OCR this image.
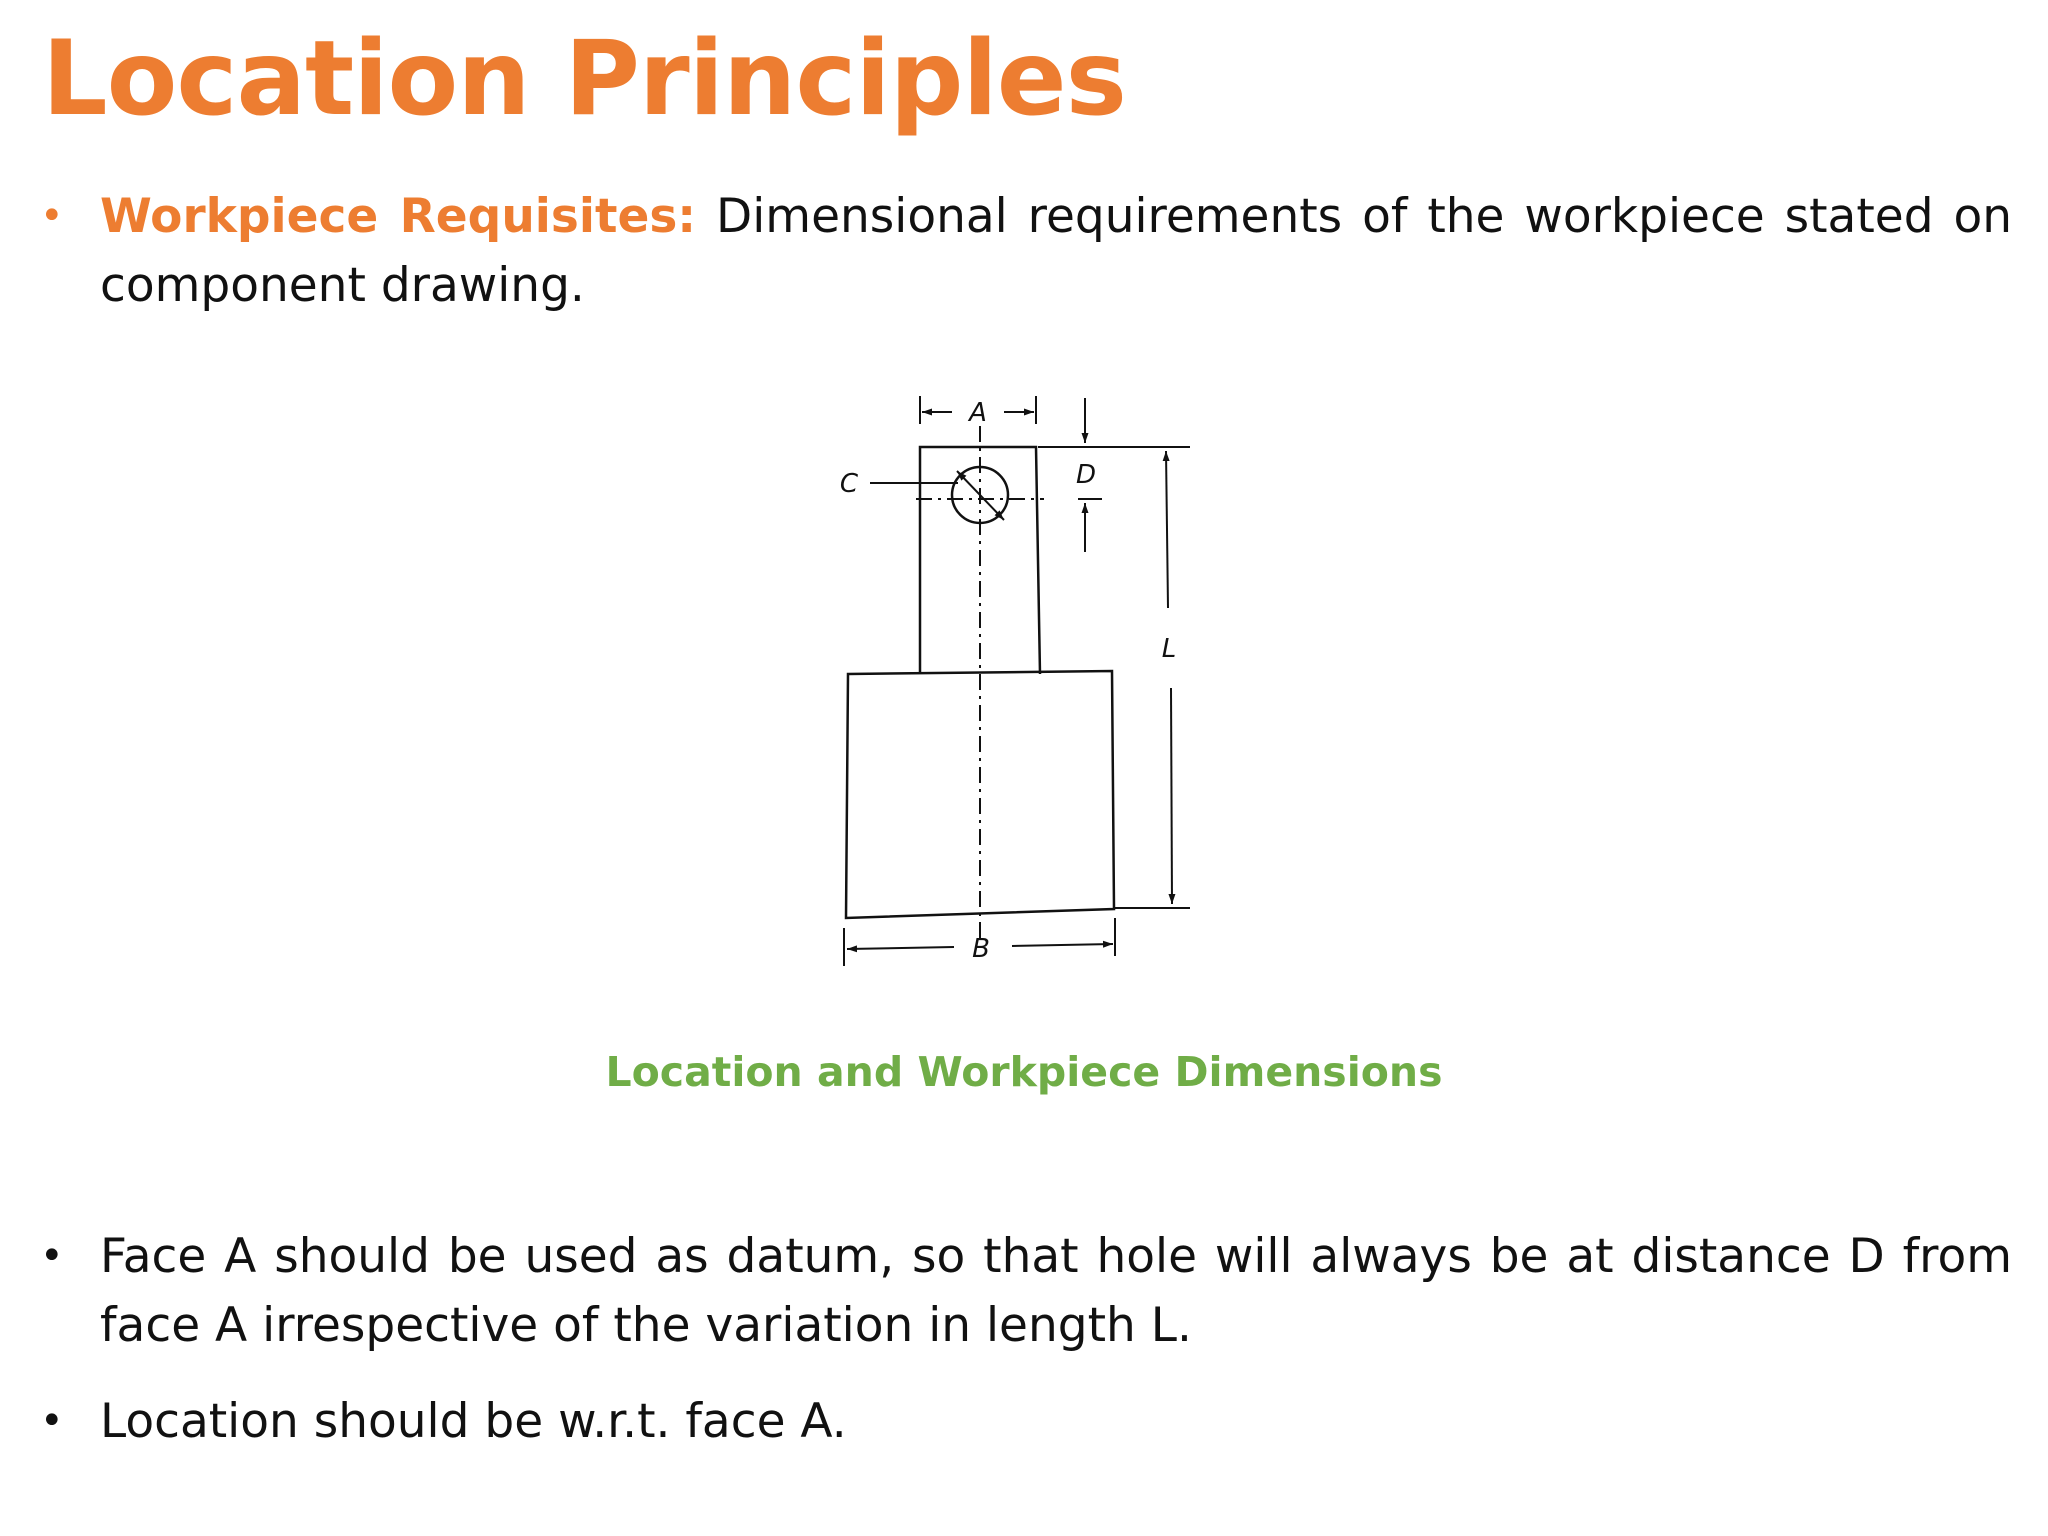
Location Principles

• Workpiece Requisites: Dimensional requirements of the workpiece stated on component drawing.

A
C	D
L
B
Location and Workpiece Dimensions

• Face A should be used as datum, so that hole will always be at distance D from face A irrespective of the variation in length L.

• Location should be w.r.t. face A.
